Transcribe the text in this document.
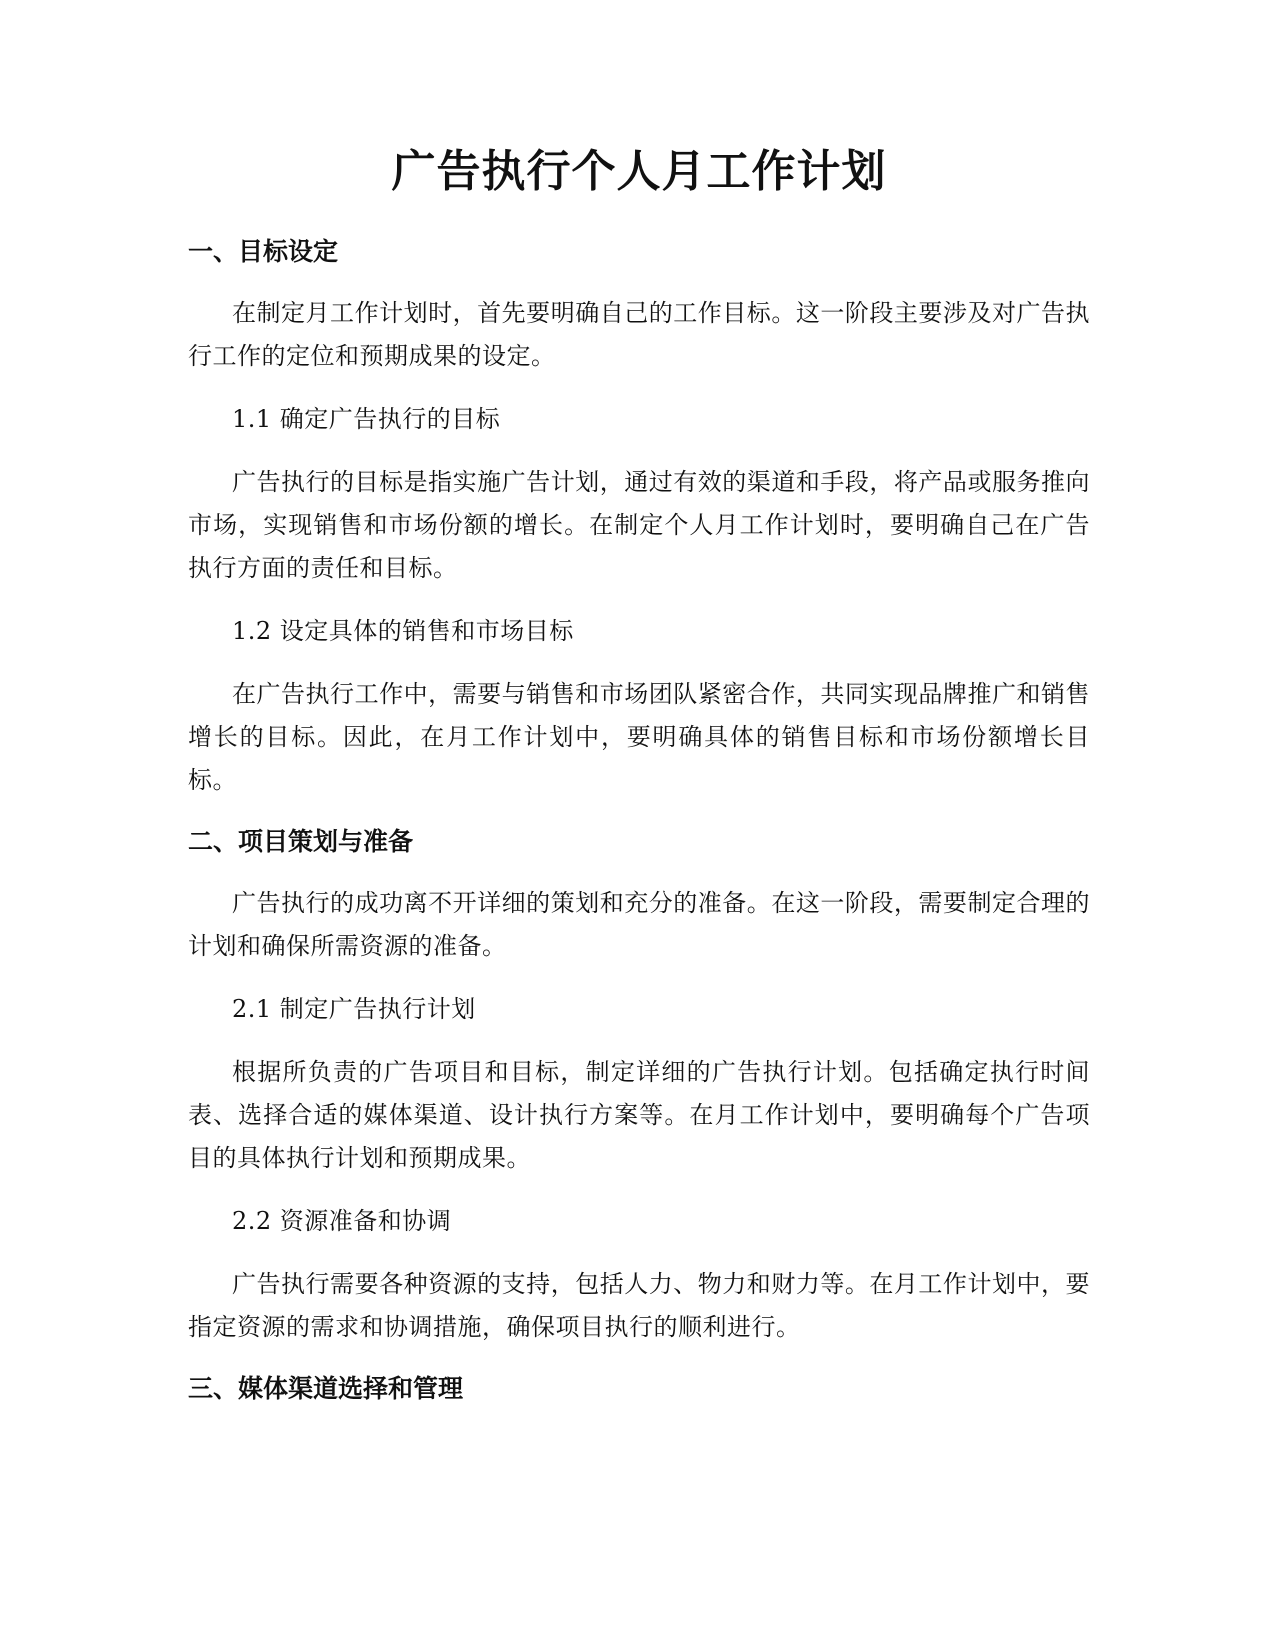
广告执行个人月工作计划
一、目标设定

在制定月工作计划时，首先要明确自己的工作目标。这一阶段主要涉及对广告执行工作的定位和预期成果的设定。

1.1 确定广告执行的目标

广告执行的目标是指实施广告计划，通过有效的渠道和手段，将产品或服务推向市场，实现销售和市场份额的增长。在制定个人月工作计划时，要明确自己在广告执行方面的责任和目标。

1.2 设定具体的销售和市场目标

在广告执行工作中，需要与销售和市场团队紧密合作，共同实现品牌推广和销售增长的目标。因此，在月工作计划中，要明确具体的销售目标和市场份额增长目标。

二、项目策划与准备

广告执行的成功离不开详细的策划和充分的准备。在这一阶段，需要制定合理的计划和确保所需资源的准备。

2.1 制定广告执行计划

根据所负责的广告项目和目标，制定详细的广告执行计划。包括确定执行时间表、选择合适的媒体渠道、设计执行方案等。在月工作计划中，要明确每个广告项目的具体执行计划和预期成果。

2.2 资源准备和协调

广告执行需要各种资源的支持，包括人力、物力和财力等。在月工作计划中，要指定资源的需求和协调措施，确保项目执行的顺利进行。

三、媒体渠道选择和管理
